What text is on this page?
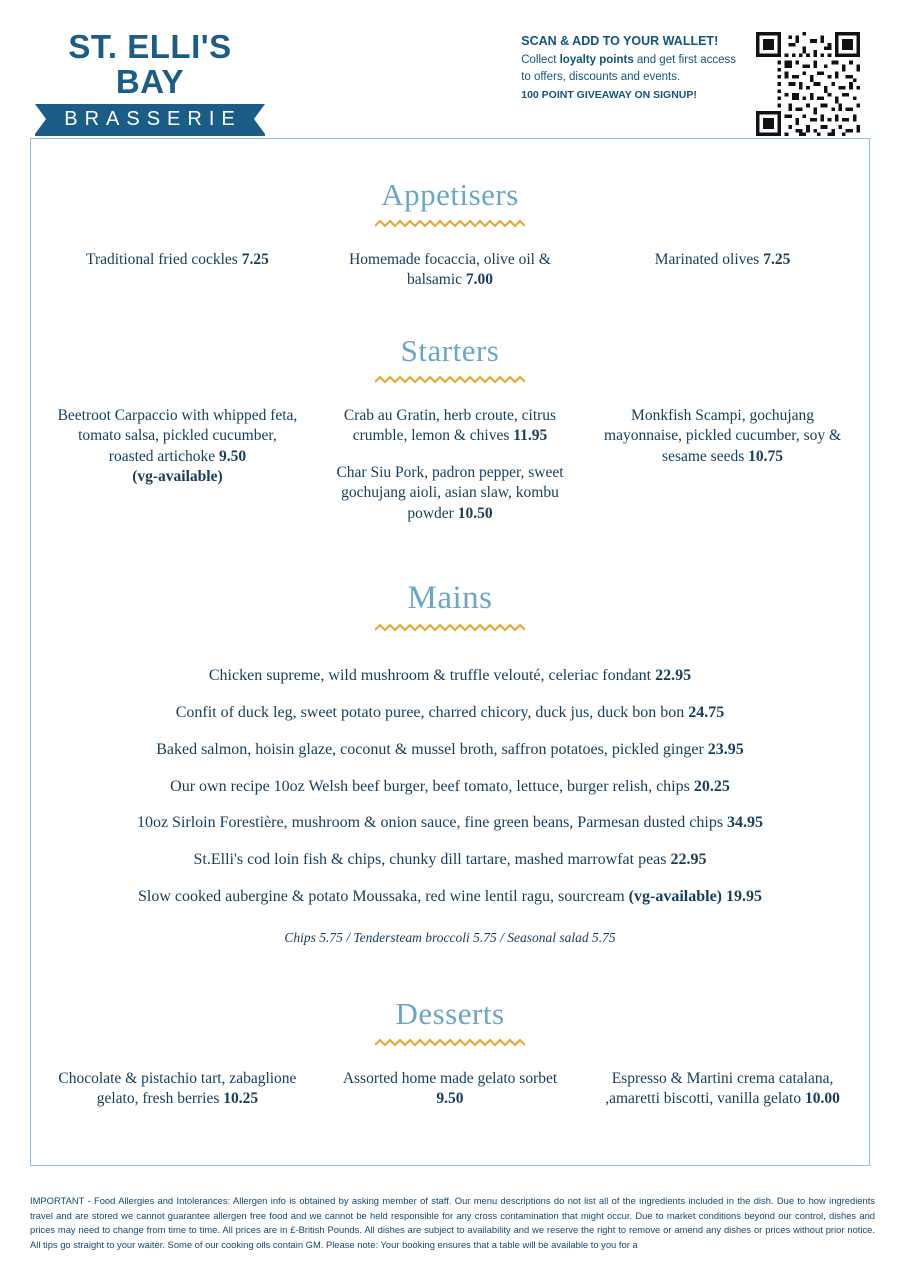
ST. ELLI'S BAY
BRASSERIE
SCAN & ADD TO YOUR WALLET!
Collect loyalty points and get first access
to offers, discounts and events.
100 POINT GIVEAWAY ON SIGNUP!
Appetisers
Traditional fried cockles 7.25	Homemade focaccia, olive oil & balsamic 7.00
Marinated olives 7.25
Starters
Beetroot Carpaccio with whipped feta, tomato salsa, pickled cucumber, roasted artichoke 9.50
(vg-available)
Crab au Gratin, herb croute, citrus crumble, lemon & chives 11.95
Char Siu Pork, padron pepper, sweet gochujang aioli, asian slaw, kombu powder 10.50
Monkfish Scampi, gochujang mayonnaise, pickled cucumber, soy & sesame seeds 10.75
Mains
Chicken supreme, wild mushroom & truffle velouté, celeriac fondant 22.95
Confit of duck leg, sweet potato puree, charred chicory, duck jus, duck bon bon 24.75
Baked salmon, hoisin glaze, coconut & mussel broth, saffron potatoes, pickled ginger 23.95
Our own recipe 10oz Welsh beef burger, beef tomato, lettuce, burger relish, chips 20.25
10oz Sirloin Forestière, mushroom & onion sauce, fine green beans, Parmesan dusted chips 34.95
St.Elli's cod loin fish & chips, chunky dill tartare, mashed marrowfat peas 22.95
Slow cooked aubergine & potato Moussaka, red wine lentil ragu, sourcream (vg-available) 19.95
Chips 5.75 / Tendersteam broccoli 5.75 / Seasonal salad 5.75
Desserts
Chocolate & pistachio tart, zabaglione gelato, fresh berries 10.25
Assorted home made gelato sorbet 9.50
Espresso & Martini crema catalana, ,amaretti biscotti, vanilla gelato 10.00
IMPORTANT - Food Allergies and Intolerances: Allergen info is obtained by asking member of staff. Our menu descriptions do not list all of the ingredients included in the dish. Due to how ingredients travel and are stored we cannot guarantee allergen free food and we cannot be held responsible for any cross contamination that might occur. Due to market conditions beyond our control, dishes and prices may need to change from time to time. All prices are in £-British Pounds. All dishes are subject to availability and we reserve the right to remove or amend any dishes or prices without prior notice. All tips go straight to your waiter. Some of our cooking oils contain GM. Please note: Your booking ensures that a table will be available to you for a
